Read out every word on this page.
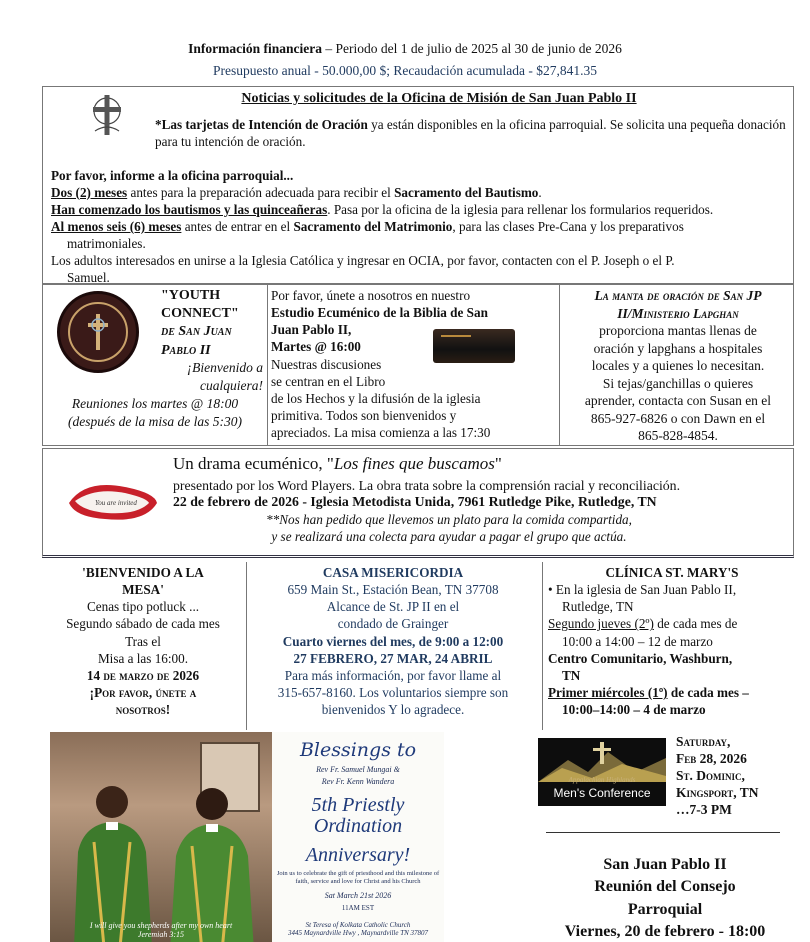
Información financiera – Periodo del 1 de julio de 2025 al 30 de junio de 2026
Presupuesto anual - 50.000,00 $; Recaudación acumulada - $27,841.35
Noticias y solicitudes de la Oficina de Misión de San Juan Pablo II

*Las tarjetas de Intención de Oración ya están disponibles en la oficina parroquial. Se solicita una pequeña donación para tu intención de oración.

Por favor, informe a la oficina parroquial...

Dos (2) meses antes para la preparación adecuada para recibir el Sacramento del Bautismo.

Han comenzado los bautismos y las quinceañeras. Pasa por la oficina de la iglesia para rellenar los formularios requeridos.

Al menos seis (6) meses antes de entrar en el Sacramento del Matrimonio, para las clases Pre-Cana y los preparativos

matrimoniales.

Los adultos interesados en unirse a la Iglesia Católica y ingresar en OCIA, por favor, contacten con el P. Joseph o el P.

Samuel.

"YOUTH
CONNECT"
de San Juan
Pablo II
¡Bienvenido a
cualquiera!
Reuniones los martes @ 18:00
(después de la misa de las 5:30)
Por favor, únete a nosotros en nuestro
Estudio Ecuménico de la Biblia de San
Juan Pablo II,
Martes @ 16:00
Nuestras discusiones
se centran en el Libro
de los Hechos y la difusión de la iglesia
primitiva. Todos son bienvenidos y
apreciados. La misa comienza a las 17:30
La manta de oración de San JP
II/Ministerio Lapghan
proporciona mantas llenas de
oración y lapghans a hospitales
locales y a quienes lo necesitan.
Si tejas/ganchillas o quieres
aprender, contacta con Susan en el
865-927-6826 o con Dawn en el
865-828-4854.
You are invited
Un drama ecuménico, "Los fines que buscamos"
presentado por los Word Players. La obra trata sobre la comprensión racial y reconciliación.
22 de febrero de 2026 - Iglesia Metodista Unida, 7961 Rutledge Pike, Rutledge, TN
**Nos han pedido que llevemos un plato para la comida compartida,
y se realizará una colecta para ayudar a pagar el grupo que actúa.
'BIENVENIDO A LA
MESA'
Cenas tipo potluck ...
Segundo sábado de cada mes
Tras el
Misa a las 16:00.
14 de marzo de 2026
¡Por favor, únete a
nosotros!
CASA MISERICORDIA
659 Main St., Estación Bean, TN 37708
Alcance de St. JP II en el
condado de Grainger
Cuarto viernes del mes, de 9:00 a 12:00
27 FEBRERO, 27 MAR, 24 ABRIL
Para más información, por favor llame al
315-657-8160. Los voluntarios siempre son
bienvenidos Y lo agradece.
CLÍNICA ST. MARY'S
• En la iglesia de San Juan Pablo II,
Rutledge, TN
Segundo jueves (2º) de cada mes de
10:00 a 14:00 – 12 de marzo
Centro Comunitario, Washburn,
TN
Primer miércoles (1º) de cada mes –
10:00–14:00 – 4 de marzo
I will give you shepherds after my own heart
Jeremiah 3:15
Blessings to
Rev Fr. Samuel Mungai &
Rev Fr. Kenn Wandera
5th Priestly Ordination
Anniversary!
Join us to celebrate the gift of priesthood and this milestone of faith, service and love for Christ and his Church
Sat March 21st 2026
11AM EST
St Teresa of Kolkata Catholic Church
3445 Maynardville Hwy , Maynardville TN 37807
Appalachian Highlands
Men's Conference
Saturday,
Feb 28, 2026
St. Dominic,
Kingsport, TN
…7-3 PM
San Juan Pablo II
Reunión del Consejo
Parroquial
Viernes, 20 de febrero - 18:00
